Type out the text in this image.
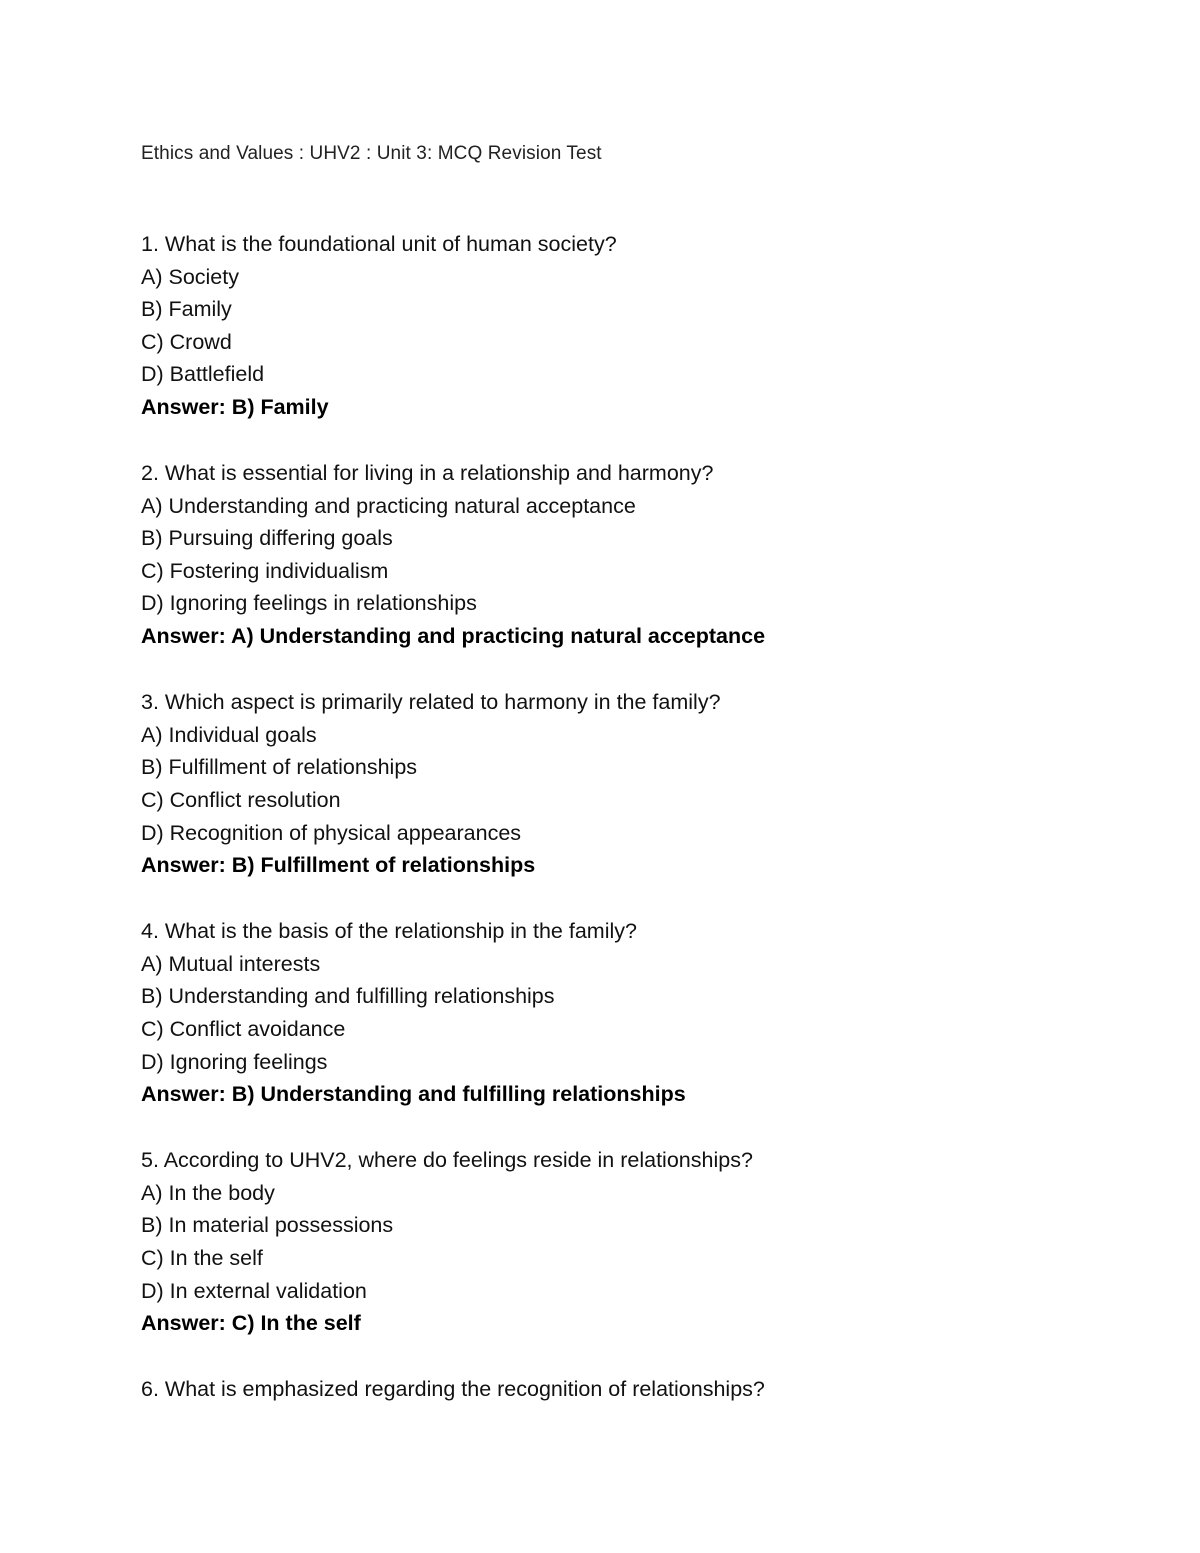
Ethics and Values : UHV2 : Unit 3: MCQ Revision Test
1. What is the foundational unit of human society?
A) Society
B) Family
C) Crowd
D) Battlefield
Answer: B) Family
2. What is essential for living in a relationship and harmony?
A) Understanding and practicing natural acceptance
B) Pursuing differing goals
C) Fostering individualism
D) Ignoring feelings in relationships
Answer: A) Understanding and practicing natural acceptance
3. Which aspect is primarily related to harmony in the family?
A) Individual goals
B) Fulfillment of relationships
C) Conflict resolution
D) Recognition of physical appearances
Answer: B) Fulfillment of relationships
4. What is the basis of the relationship in the family?
A) Mutual interests
B) Understanding and fulfilling relationships
C) Conflict avoidance
D) Ignoring feelings
Answer: B) Understanding and fulfilling relationships
5. According to UHV2, where do feelings reside in relationships?
A) In the body
B) In material possessions
C) In the self
D) In external validation
Answer: C) In the self
6. What is emphasized regarding the recognition of relationships?
